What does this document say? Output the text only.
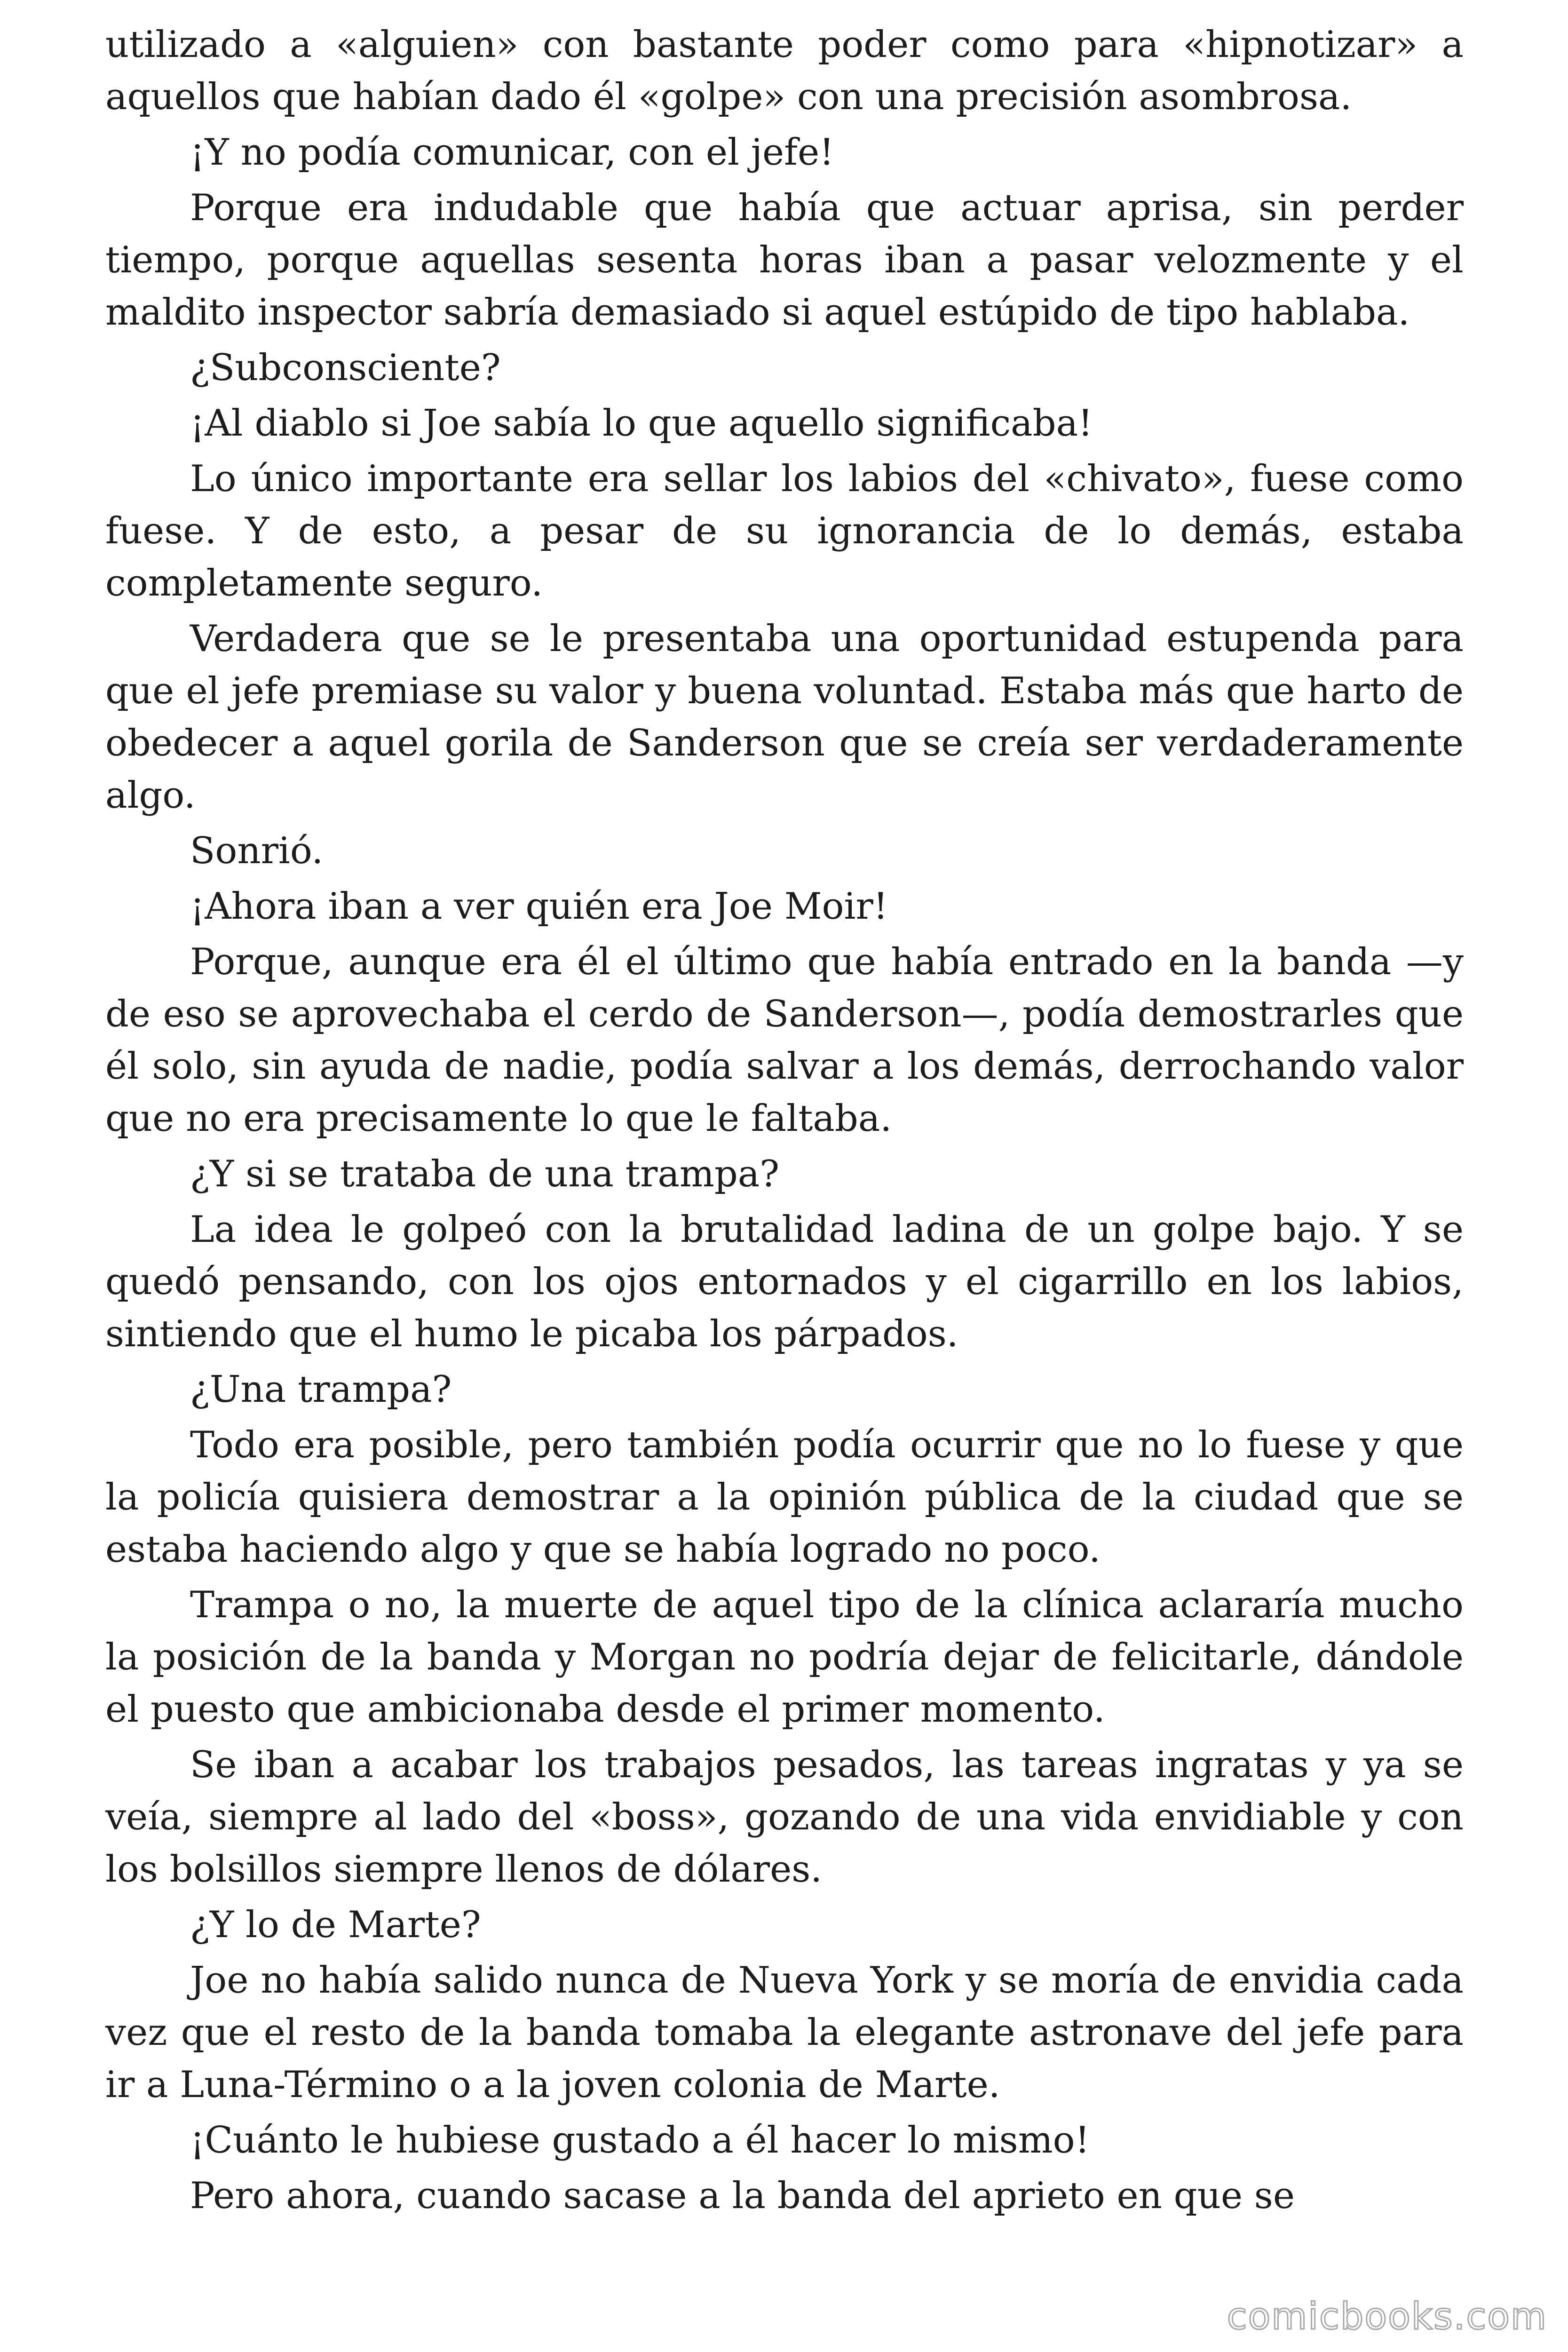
utilizado a «alguien» con bastante poder como para «hipnotizar» a aquellos que habían dado él «golpe» con una precisión asombrosa.

¡Y no podía comunicar, con el jefe!

Porque era indudable que había que actuar aprisa, sin perder tiempo, porque aquellas sesenta horas iban a pasar velozmente y el maldito inspector sabría demasiado si aquel estúpido de tipo hablaba.

¿Subconsciente?

¡Al diablo si Joe sabía lo que aquello significaba!

Lo único importante era sellar los labios del «chivato», fuese como fuese. Y de esto, a pesar de su ignorancia de lo demás, estaba completamente seguro.

Verdadera que se le presentaba una oportunidad estupenda para que el jefe premiase su valor y buena voluntad. Estaba más que harto de obedecer a aquel gorila de Sanderson que se creía ser verdaderamente algo.

Sonrió.

¡Ahora iban a ver quién era Joe Moir!

Porque, aunque era él el último que había entrado en la banda —y de eso se aprovechaba el cerdo de Sanderson—, podía demostrarles que él solo, sin ayuda de nadie, podía salvar a los demás, derrochando valor que no era precisamente lo que le faltaba.

¿Y si se trataba de una trampa?

La idea le golpeó con la brutalidad ladina de un golpe bajo. Y se quedó pensando, con los ojos entornados y el cigarrillo en los labios, sintiendo que el humo le picaba los párpados.

¿Una trampa?

Todo era posible, pero también podía ocurrir que no lo fuese y que la policía quisiera demostrar a la opinión pública de la ciudad que se estaba haciendo algo y que se había logrado no poco.

Trampa o no, la muerte de aquel tipo de la clínica aclararía mucho la posición de la banda y Morgan no podría dejar de felicitarle, dándole el puesto que ambicionaba desde el primer momento.

Se iban a acabar los trabajos pesados, las tareas ingratas y ya se veía, siempre al lado del «boss», gozando de una vida envidiable y con los bolsillos siempre llenos de dólares.

¿Y lo de Marte?

Joe no había salido nunca de Nueva York y se moría de envidia cada vez que el resto de la banda tomaba la elegante astronave del jefe para ir a Luna-Término o a la joven colonia de Marte.

¡Cuánto le hubiese gustado a él hacer lo mismo!

Pero ahora, cuando sacase a la banda del aprieto en que se

comicbooks.com
